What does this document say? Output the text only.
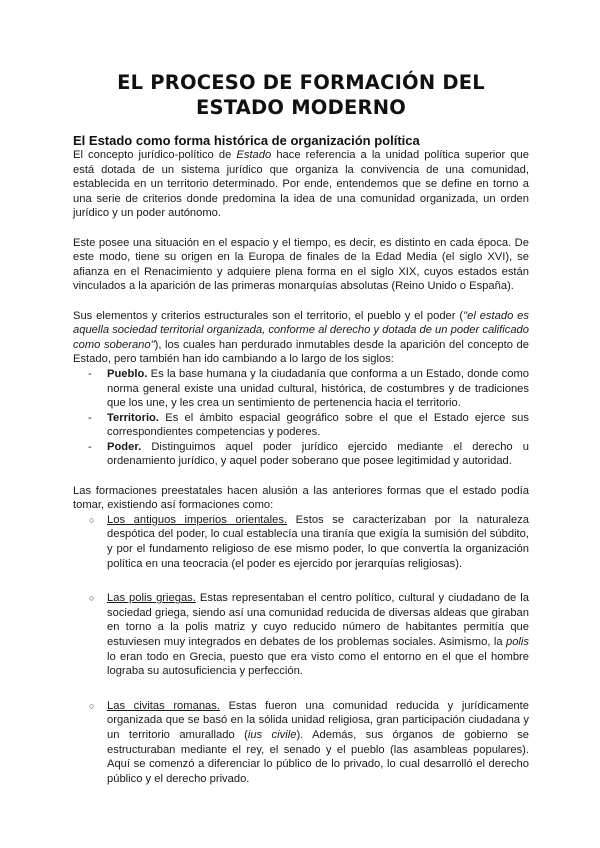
EL PROCESO DE FORMACIÓN DEL ESTADO MODERNO
El Estado como forma histórica de organización política

El concepto jurídico-político de Estado hace referencia a la unidad política superior que está dotada de un sistema jurídico que organiza la convivencia de una comunidad, establecida en un territorio determinado. Por ende, entendemos que se define en torno a una serie de criterios donde predomina la idea de una comunidad organizada, un orden jurídico y un poder autónomo.

Este posee una situación en el espacio y el tiempo, es decir, es distinto en cada época. De este modo, tiene su origen en la Europa de finales de la Edad Media (el siglo XVI), se afianza en el Renacimiento y adquiere plena forma en el siglo XIX, cuyos estados están vinculados a la aparición de las primeras monarquías absolutas (Reino Unido o España).

Sus elementos y criterios estructurales son el territorio, el pueblo y el poder ("el estado es aquella sociedad territorial organizada, conforme al derecho y dotada de un poder calificado como soberano"), los cuales han perdurado inmutables desde la aparición del concepto de Estado, pero también han ido cambiando a lo largo de los siglos:

- Pueblo. Es la base humana y la ciudadanía que conforma a un Estado, donde como norma general existe una unidad cultural, histórica, de costumbres y de tradiciones que los une, y les crea un sentimiento de pertenencia hacia el territorio.
- Territorio. Es el ámbito espacial geográfico sobre el que el Estado ejerce sus correspondientes competencias y poderes.
- Poder. Distinguimos aquel poder jurídico ejercido mediante el derecho u ordenamiento jurídico, y aquel poder soberano que posee legitimidad y autoridad.

Las formaciones preestatales hacen alusión a las anteriores formas que el estado podía tomar, existiendo así formaciones como:

○ Los antiguos imperios orientales. Estos se caracterizaban por la naturaleza despótica del poder, lo cual establecía una tiranía que exigía la sumisión del súbdito, y por el fundamento religioso de ese mismo poder, lo que convertía la organización política en una teocracia (el poder es ejercido por jerarquías religiosas).
○ Las polis griegas. Estas representaban el centro político, cultural y ciudadano de la sociedad griega, siendo así una comunidad reducida de diversas aldeas que giraban en torno a la polis matriz y cuyo reducido número de habitantes permitía que estuviesen muy integrados en debates de los problemas sociales. Asimismo, la polis lo eran todo en Grecia, puesto que era visto como el entorno en el que el hombre lograba su autosuficiencia y perfección.
○ Las civitas romanas. Estas fueron una comunidad reducida y jurídicamente organizada que se basó en la sólida unidad religiosa, gran participación ciudadana y un territorio amurallado (ius civile). Además, sus órganos de gobierno se estructuraban mediante el rey, el senado y el pueblo (las asambleas populares). Aquí se comenzó a diferenciar lo público de lo privado, lo cual desarrolló el derecho público y el derecho privado.
